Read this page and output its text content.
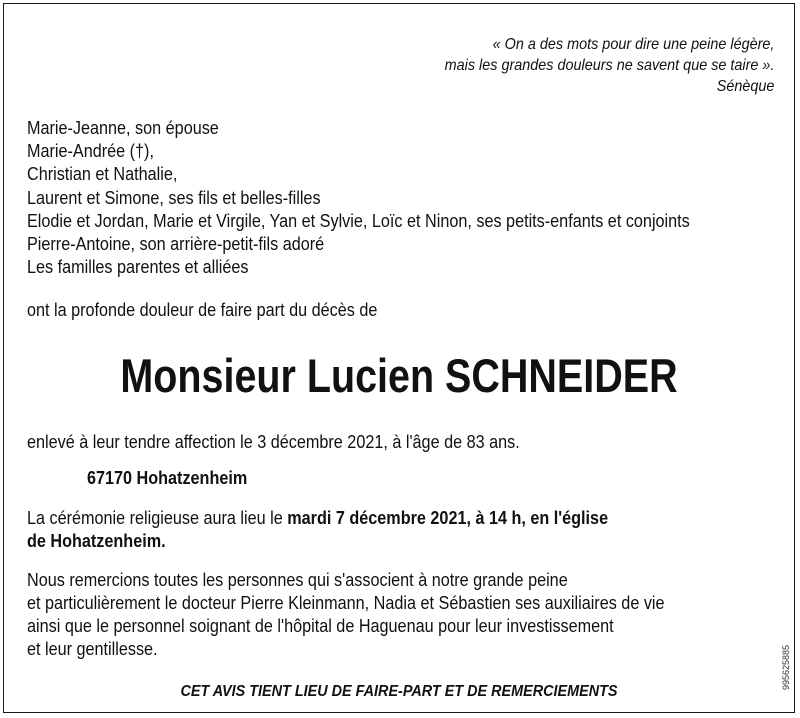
« On a des mots pour dire une peine légère,
mais les grandes douleurs ne savent que se taire ».
Sénèque
Marie-Jeanne, son épouse
Marie-Andrée (†),
Christian et Nathalie,
Laurent et Simone, ses fils et belles-filles
Elodie et Jordan, Marie et Virgile, Yan et Sylvie, Loïc et Ninon, ses petits-enfants et conjoints
Pierre-Antoine, son arrière-petit-fils adoré
Les familles parentes et alliées
ont la profonde douleur de faire part du décès de
Monsieur Lucien SCHNEIDER
enlevé à leur tendre affection le 3 décembre 2021, à l'âge de 83 ans.
67170 Hohatzenheim
La cérémonie religieuse aura lieu le mardi 7 décembre 2021, à 14 h, en l'église
de Hohatzenheim.
Nous remercions toutes les personnes qui s'associent à notre grande peine
et particulièrement le docteur Pierre Kleinmann, Nadia et Sébastien ses auxiliaires de vie
ainsi que le personnel soignant de l'hôpital de Haguenau pour leur investissement
et leur gentillesse.
CET AVIS TIENT LIEU DE FAIRE-PART ET DE REMERCIEMENTS
995625885
